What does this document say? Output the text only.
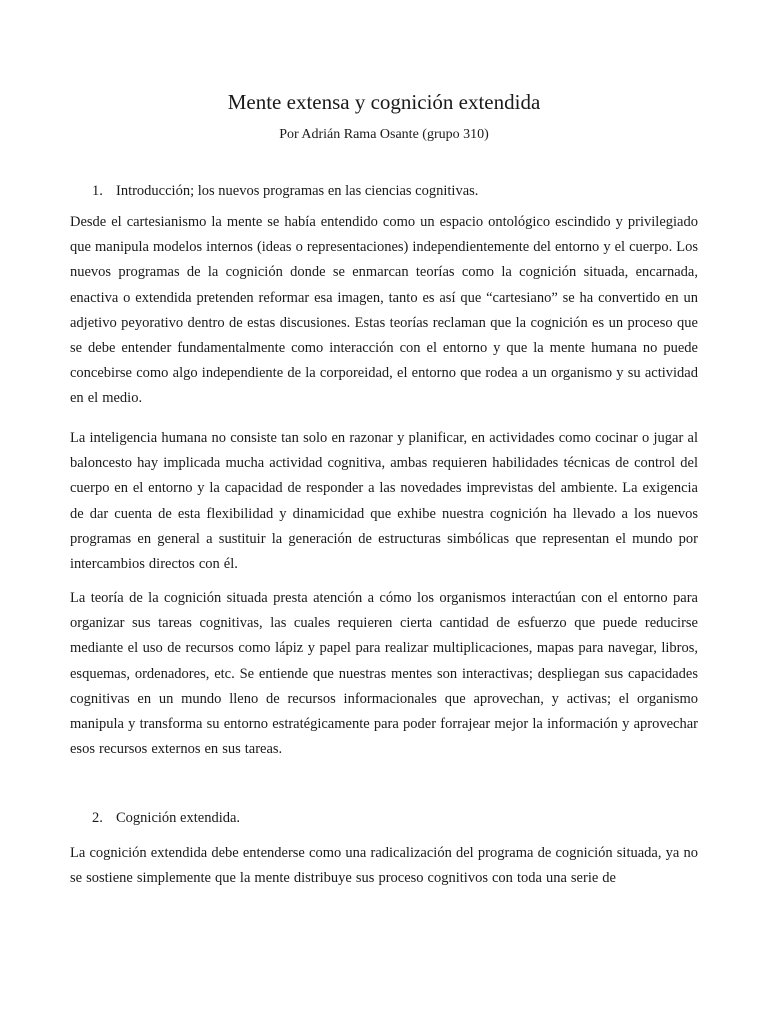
Mente extensa y cognición extendida
Por Adrián Rama Osante (grupo 310)
1. Introducción; los nuevos programas en las ciencias cognitivas.
Desde el cartesianismo la mente se había entendido como un espacio ontológico escindido y privilegiado que manipula modelos internos (ideas o representaciones) independientemente del entorno y el cuerpo. Los nuevos programas de la cognición donde se enmarcan teorías como la cognición situada, encarnada, enactiva o extendida pretenden reformar esa imagen, tanto es así que “cartesiano” se ha convertido en un adjetivo peyorativo dentro de estas discusiones. Estas teorías reclaman que la cognición es un proceso que se debe entender fundamentalmente como interacción con el entorno y que la mente humana no puede concebirse como algo independiente de la corporeidad, el entorno que rodea a un organismo y su actividad en el medio.
La inteligencia humana no consiste tan solo en razonar y planificar, en actividades como cocinar o jugar al baloncesto hay implicada mucha actividad cognitiva, ambas requieren habilidades técnicas de control del cuerpo en el entorno y la capacidad de responder a las novedades imprevistas del ambiente. La exigencia de dar cuenta de esta flexibilidad y dinamicidad que exhibe nuestra cognición ha llevado a los nuevos programas en general a sustituir la generación de estructuras simbólicas que representan el mundo por intercambios directos con él.
La teoría de la cognición situada presta atención a cómo los organismos interactúan con el entorno para organizar sus tareas cognitivas, las cuales requieren cierta cantidad de esfuerzo que puede reducirse mediante el uso de recursos como lápiz y papel para realizar multiplicaciones, mapas para navegar, libros, esquemas, ordenadores, etc. Se entiende que nuestras mentes son interactivas; despliegan sus capacidades cognitivas en un mundo lleno de recursos informacionales que aprovechan, y activas; el organismo manipula y transforma su entorno estratégicamente para poder forrajear mejor la información y aprovechar esos recursos externos en sus tareas.
2. Cognición extendida.
La cognición extendida debe entenderse como una radicalización del programa de cognición situada, ya no se sostiene simplemente que la mente distribuye sus proceso cognitivos con toda una serie de
